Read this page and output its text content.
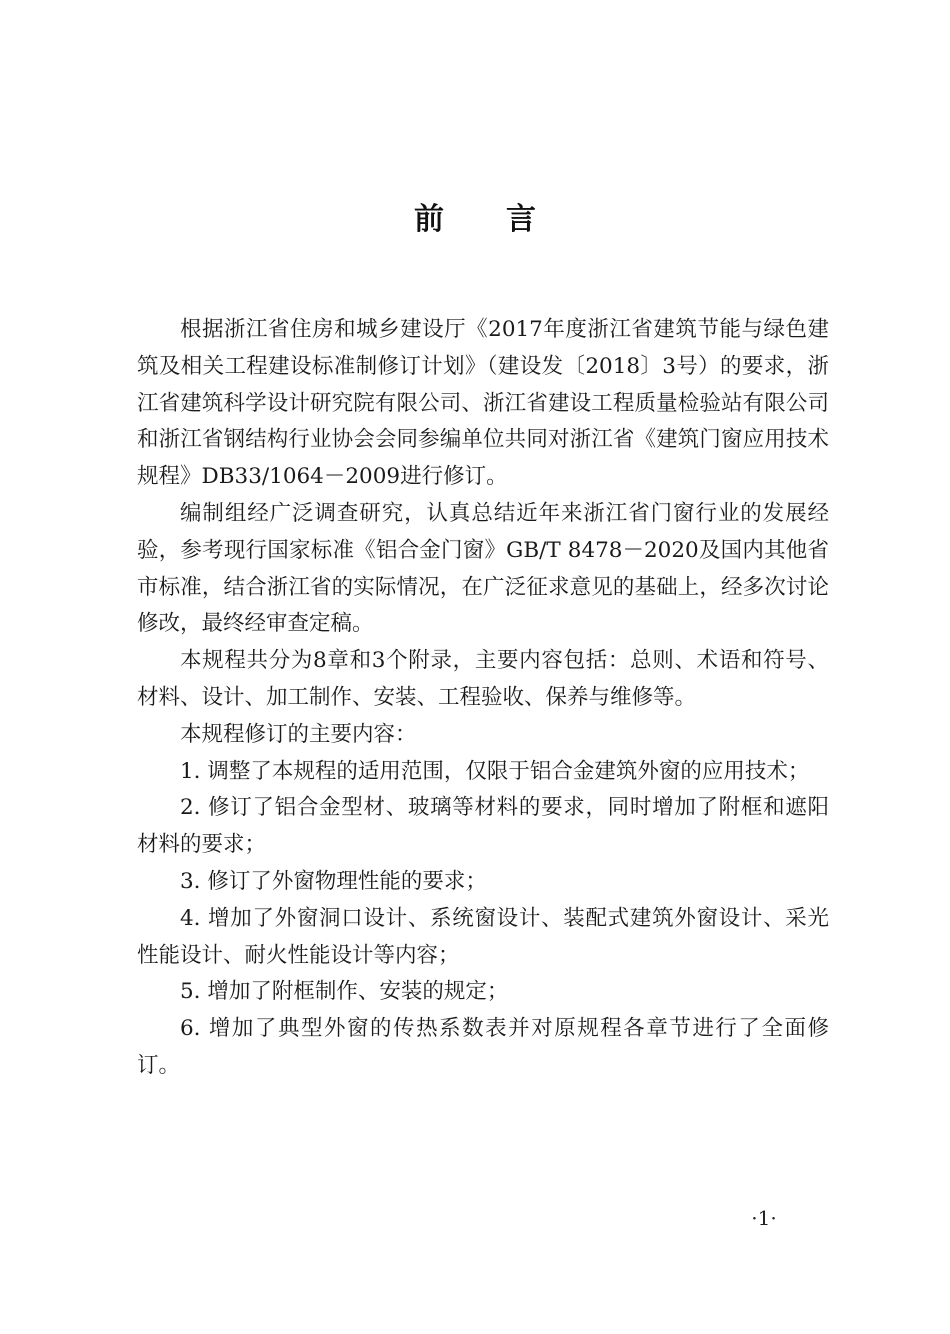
前言

根据浙江省住房和城乡建设厅《2017年度浙江省建筑节能与绿色建筑及相关工程建设标准制修订计划》（建设发〔2018〕3号）的要求，浙江省建筑科学设计研究院有限公司、浙江省建设工程质量检验站有限公司和浙江省钢结构行业协会会同参编单位共同对浙江省《建筑门窗应用技术规程》DB33/1064－2009进行修订。

编制组经广泛调查研究，认真总结近年来浙江省门窗行业的发展经验，参考现行国家标准《铝合金门窗》GB/T 8478－2020及国内其他省市标准，结合浙江省的实际情况，在广泛征求意见的基础上，经多次讨论修改，最终经审查定稿。

本规程共分为8章和3个附录，主要内容包括：总则、术语和符号、材料、设计、加工制作、安装、工程验收、保养与维修等。

本规程修订的主要内容：

1. 调整了本规程的适用范围，仅限于铝合金建筑外窗的应用技术；

2. 修订了铝合金型材、玻璃等材料的要求，同时增加了附框和遮阳材料的要求；

3. 修订了外窗物理性能的要求；

4. 增加了外窗洞口设计、系统窗设计、装配式建筑外窗设计、采光性能设计、耐火性能设计等内容；

5. 增加了附框制作、安装的规定；

6. 增加了典型外窗的传热系数表并对原规程各章节进行了全面修订。

·1·
